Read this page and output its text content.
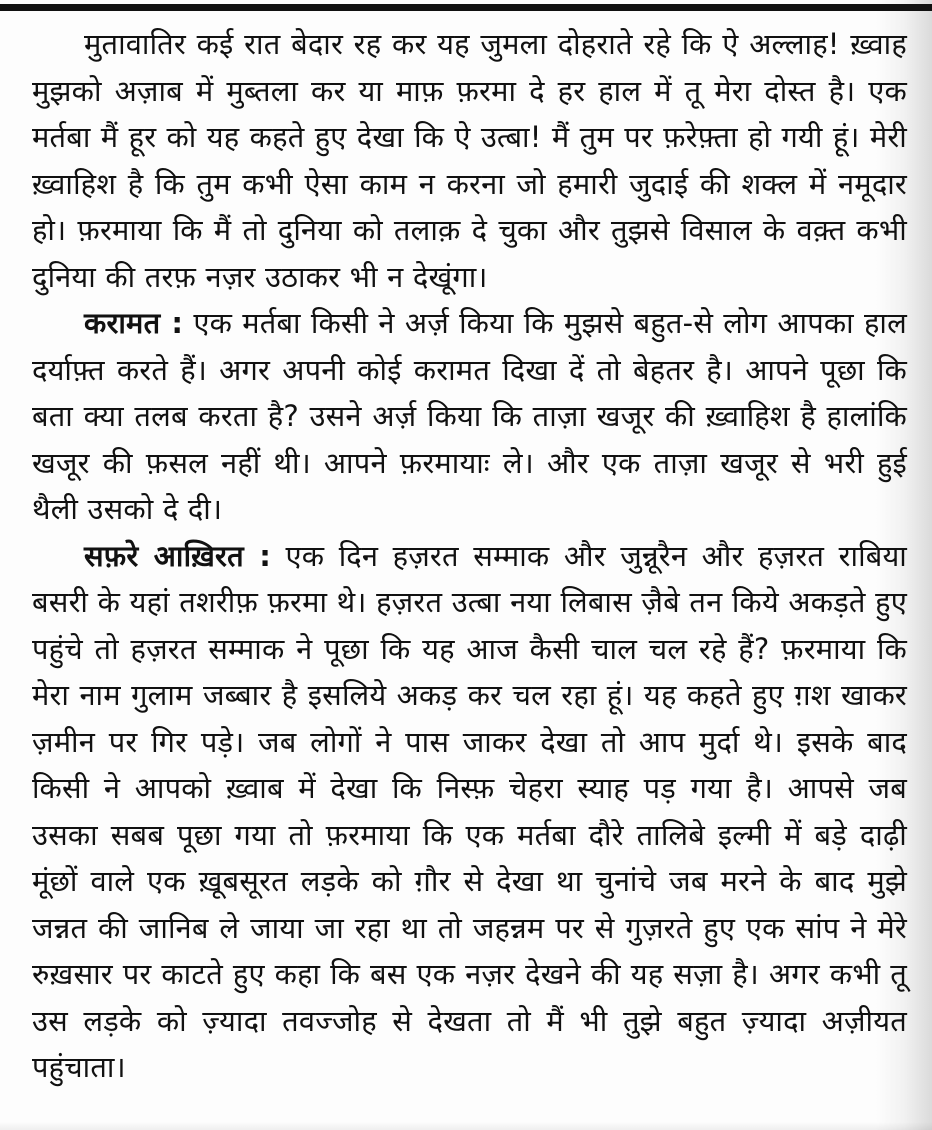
मुतावातिर कई रात बेदार रह कर यह जुमला दोहराते रहे कि ऐ अल्लाह! ख़्वाह मुझको अज़ाब में मुब्तला कर या माफ़ फ़रमा दे हर हाल में तू मेरा दोस्त है। एक मर्तबा मैं हूर को यह कहते हुए देखा कि ऐ उत्बा! मैं तुम पर फ़रेफ़्ता हो गयी हूं। मेरी ख़्वाहिश है कि तुम कभी ऐसा काम न करना जो हमारी जुदाई की शक्ल में नमूदार हो। फ़रमाया कि मैं तो दुनिया को तलाक़ दे चुका और तुझसे विसाल के वक़्त कभी दुनिया की तरफ़ नज़र उठाकर भी न देखूंगा।

करामत : एक मर्तबा किसी ने अर्ज़ किया कि मुझसे बहुत-से लोग आपका हाल दर्याफ़्त करते हैं। अगर अपनी कोई करामत दिखा दें तो बेहतर है। आपने पूछा कि बता क्या तलब करता है? उसने अर्ज़ किया कि ताज़ा खजूर की ख़्वाहिश है हालांकि खजूर की फ़सल नहीं थी। आपने फ़रमायाः ले। और एक ताज़ा खजूर से भरी हुई थैली उसको दे दी।

सफ़रे आख़िरत : एक दिन हज़रत सम्माक और जुन्नूरैन और हज़रत राबिया बसरी के यहां तशरीफ़ फ़रमा थे। हज़रत उत्बा नया लिबास ज़ैबे तन किये अकड़ते हुए पहुंचे तो हज़रत सम्माक ने पूछा कि यह आज कैसी चाल चल रहे हैं? फ़रमाया कि मेरा नाम गुलाम जब्बार है इसलिये अकड़ कर चल रहा हूं। यह कहते हुए ग़श खाकर ज़मीन पर गिर पड़े। जब लोगों ने पास जाकर देखा तो आप मुर्दा थे। इसके बाद किसी ने आपको ख़्वाब में देखा कि निस्फ़ चेहरा स्याह पड़ गया है। आपसे जब उसका सबब पूछा गया तो फ़रमाया कि एक मर्तबा दौरे तालिबे इल्मी में बड़े दाढ़ी मूंछों वाले एक ख़ूबसूरत लड़के को ग़ौर से देखा था चुनांचे जब मरने के बाद मुझे जन्नत की जानिब ले जाया जा रहा था तो जहन्नम पर से गुज़रते हुए एक सांप ने मेरे रुख़सार पर काटते हुए कहा कि बस एक नज़र देखने की यह सज़ा है। अगर कभी तू उस लड़के को ज़्यादा तवज्जोह से देखता तो मैं भी तुझे बहुत ज़्यादा अज़ीयत पहुंचाता।
